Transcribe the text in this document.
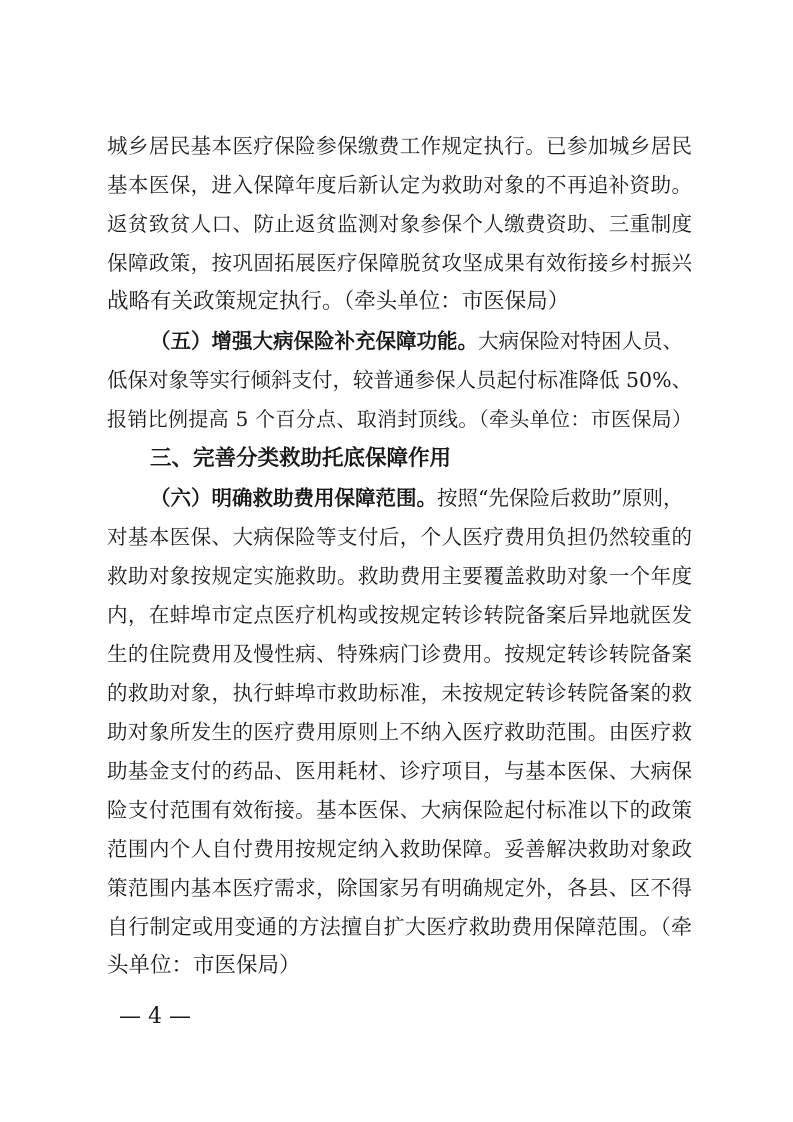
城乡居民基本医疗保险参保缴费工作规定执行。已参加城乡居民
基本医保，进入保障年度后新认定为救助对象的不再追补资助。
返贫致贫人口、防止返贫监测对象参保个人缴费资助、三重制度
保障政策，按巩固拓展医疗保障脱贫攻坚成果有效衔接乡村振兴
战略有关政策规定执行。（牵头单位：市医保局）
（五）增强大病保险补充保障功能。大病保险对特困人员、
低保对象等实行倾斜支付，较普通参保人员起付标准降低 50%、
报销比例提高 5 个百分点、取消封顶线。（牵头单位：市医保局）
三、完善分类救助托底保障作用
（六）明确救助费用保障范围。按照“先保险后救助”原则，
对基本医保、大病保险等支付后，个人医疗费用负担仍然较重的
救助对象按规定实施救助。救助费用主要覆盖救助对象一个年度
内，在蚌埠市定点医疗机构或按规定转诊转院备案后异地就医发
生的住院费用及慢性病、特殊病门诊费用。按规定转诊转院备案
的救助对象，执行蚌埠市救助标准，未按规定转诊转院备案的救
助对象所发生的医疗费用原则上不纳入医疗救助范围。由医疗救
助基金支付的药品、医用耗材、诊疗项目，与基本医保、大病保
险支付范围有效衔接。基本医保、大病保险起付标准以下的政策
范围内个人自付费用按规定纳入救助保障。妥善解决救助对象政
策范围内基本医疗需求，除国家另有明确规定外，各县、区不得
自行制定或用变通的方法擅自扩大医疗救助费用保障范围。（牵
头单位：市医保局）
— 4 —
